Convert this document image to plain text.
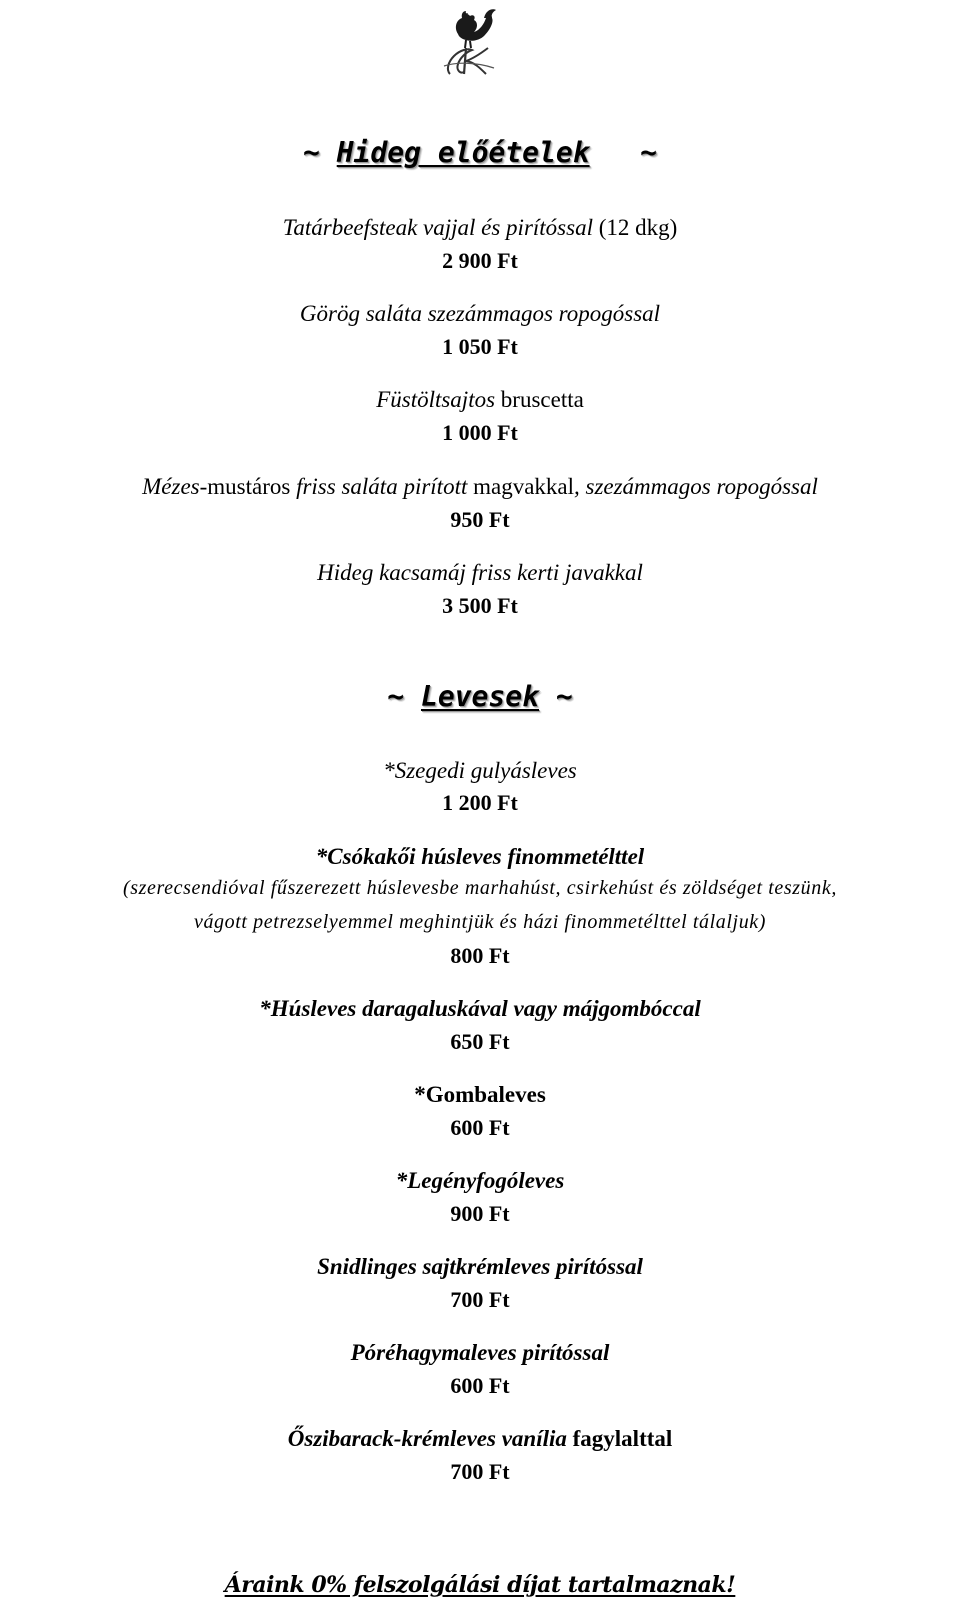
~ Hideg előételek ~
Tatárbeefsteak vajjal és pirítóssal (12 dkg)
2 900 Ft
Görög saláta szezámmagos ropogóssal
1 050 Ft
Füstöltsajtos bruscetta
1 000 Ft
Mézes-mustáros friss saláta pirított magvakkal, szezámmagos ropogóssal
950 Ft
Hideg kacsamáj friss kerti javakkal
3 500 Ft
~ Levesek ~
*Szegedi gulyásleves
1 200 Ft
*Csókakői húsleves finommetélttel
(szerecsendióval fűszerezett húslevesbe marhahúst, csirkehúst és zöldséget teszünk,
vágott petrezselyemmel meghintjük és házi finommetélttel tálaljuk)
800 Ft
*Húsleves daragaluskával vagy májgombóccal
650 Ft
*Gombaleves
600 Ft
*Legényfogóleves
900 Ft
Snidlinges sajtkrémleves pirítóssal
700 Ft
Póréhagymaleves pirítóssal
600 Ft
Őszibarack-krémleves vanília fagylalttal
700 Ft
Áraink 0% felszolgálási díjat tartalmaznak!
